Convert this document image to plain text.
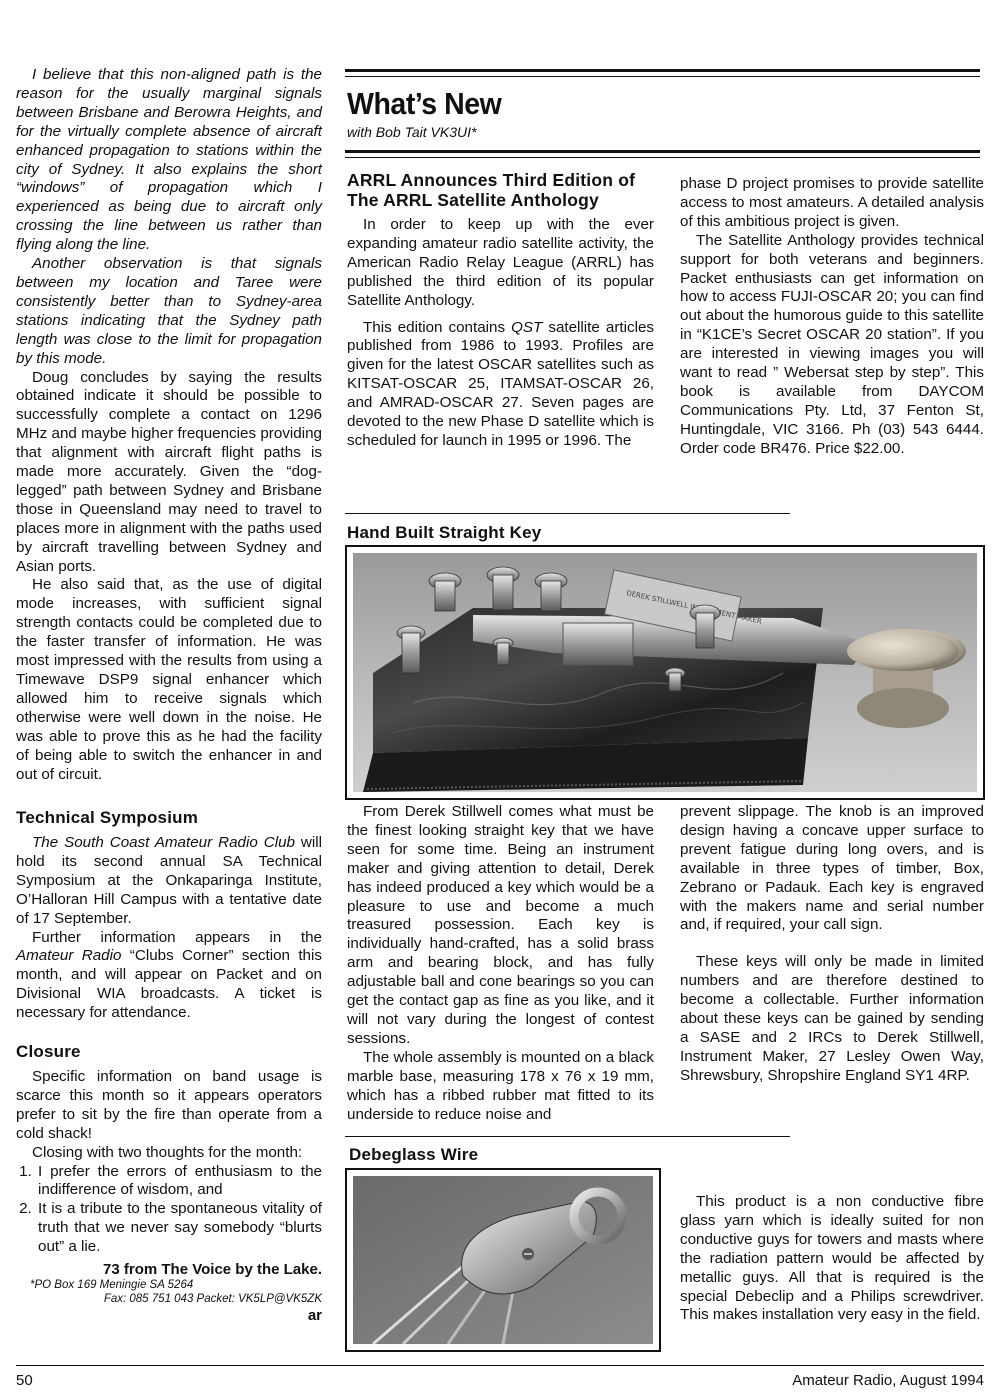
I believe that this non-aligned path is the reason for the usually marginal signals between Brisbane and Berowra Heights, and for the virtually complete absence of aircraft enhanced propagation to stations within the city of Sydney. It also explains the short “windows” of propagation which I experienced as being due to aircraft only crossing the line between us rather than flying along the line.

Another observation is that signals between my location and Taree were consistently better than to Sydney-area stations indicating that the Sydney path length was close to the limit for propagation by this mode.

Doug concludes by saying the results obtained indicate it should be possible to successfully complete a contact on 1296 MHz and maybe higher frequencies providing that alignment with aircraft flight paths is made more accurately. Given the “dog-legged” path between Sydney and Brisbane those in Queensland may need to travel to places more in alignment with the paths used by aircraft travelling between Sydney and Asian ports.

He also said that, as the use of digital mode increases, with sufficient signal strength contacts could be completed due to the faster transfer of information. He was most impressed with the results from using a Timewave DSP9 signal enhancer which allowed him to receive signals which otherwise were well down in the noise. He was able to prove this as he had the facility of being able to switch the enhancer in and out of circuit.

Technical Symposium

The South Coast Amateur Radio Club will hold its second annual SA Technical Symposium at the Onkaparinga Institute, O’Halloran Hill Campus with a tentative date of 17 September.

Further information appears in the Amateur Radio “Clubs Corner” section this month, and will appear on Packet and on Divisional WIA broadcasts. A ticket is necessary for attendance.

Closure

Specific information on band usage is scarce this month so it appears operators prefer to sit by the fire than operate from a cold shack!

Closing with two thoughts for the month:

1. I prefer the errors of enthusiasm to the indifference of wisdom, and
2. It is a tribute to the spontaneous vitality of truth that we never say somebody “blurts out” a lie.

73 from The Voice by the Lake.

*PO Box 169 Meningie SA 5264

Fax: 085 751 043 Packet: VK5LP@VK5ZK

ar

What’s New

with Bob Tait VK3UI*

ARRL Announces Third Edition of The ARRL Satellite Anthology

In order to keep up with the ever expanding amateur radio satellite activity, the American Radio Relay League (ARRL) has published the third edition of its popular Satellite Anthology.

This edition contains QST satellite articles published from 1986 to 1993. Profiles are given for the latest OSCAR satellites such as KITSAT-OSCAR 25, ITAMSAT-OSCAR 26, and AMRAD-OSCAR 27. Seven pages are devoted to the new Phase D satellite which is scheduled for launch in 1995 or 1996. The

phase D project promises to provide satellite access to most amateurs. A detailed analysis of this ambitious project is given.

The Satellite Anthology provides technical support for both veterans and beginners. Packet enthusiasts can get information on how to access FUJI-OSCAR 20; you can find out about the humorous guide to this satellite in “K1CE’s Secret OSCAR 20 station”. If you are interested in viewing images you will want to read ” Webersat step by step”. This book is available from DAYCOM Communications Pty. Ltd, 37 Fenton St, Huntingdale, VIC 3166. Ph (03) 543 6444. Order code BR476. Price $22.00.

Hand Built Straight Key
DEREK STILLWELL MAKER

From Derek Stillwell comes what must be the finest looking straight key that we have seen for some time. Being an instrument maker and giving attention to detail, Derek has indeed produced a key which would be a pleasure to use and become a much treasured possession. Each key is individually hand-crafted, has a solid brass arm and bearing block, and has fully adjustable ball and cone bearings so you can get the contact gap as fine as you like, and it will not vary during the longest of contest sessions.

The whole assembly is mounted on a black marble base, measuring 178 x 76 x 19 mm, which has a ribbed rubber mat fitted to its underside to reduce noise and

prevent slippage. The knob is an improved design having a concave upper surface to prevent fatigue during long overs, and is available in three types of timber, Box, Zebrano or Padauk. Each key is engraved with the makers name and serial number and, if required, your call sign.

These keys will only be made in limited numbers and are therefore destined to become a collectable. Further information about these keys can be gained by sending a SASE and 2 IRCs to Derek Stillwell, Instrument Maker, 27 Lesley Owen Way, Shrewsbury, Shropshire England SY1 4RP.

Debeglass Wire

This product is a non conductive fibre glass yarn which is ideally suited for non conductive guys for towers and masts where the radiation pattern would be affected by metallic guys. All that is required is the special Debeclip and a Philips screwdriver. This makes installation very easy in the field.

50	Amateur Radio, August 1994
